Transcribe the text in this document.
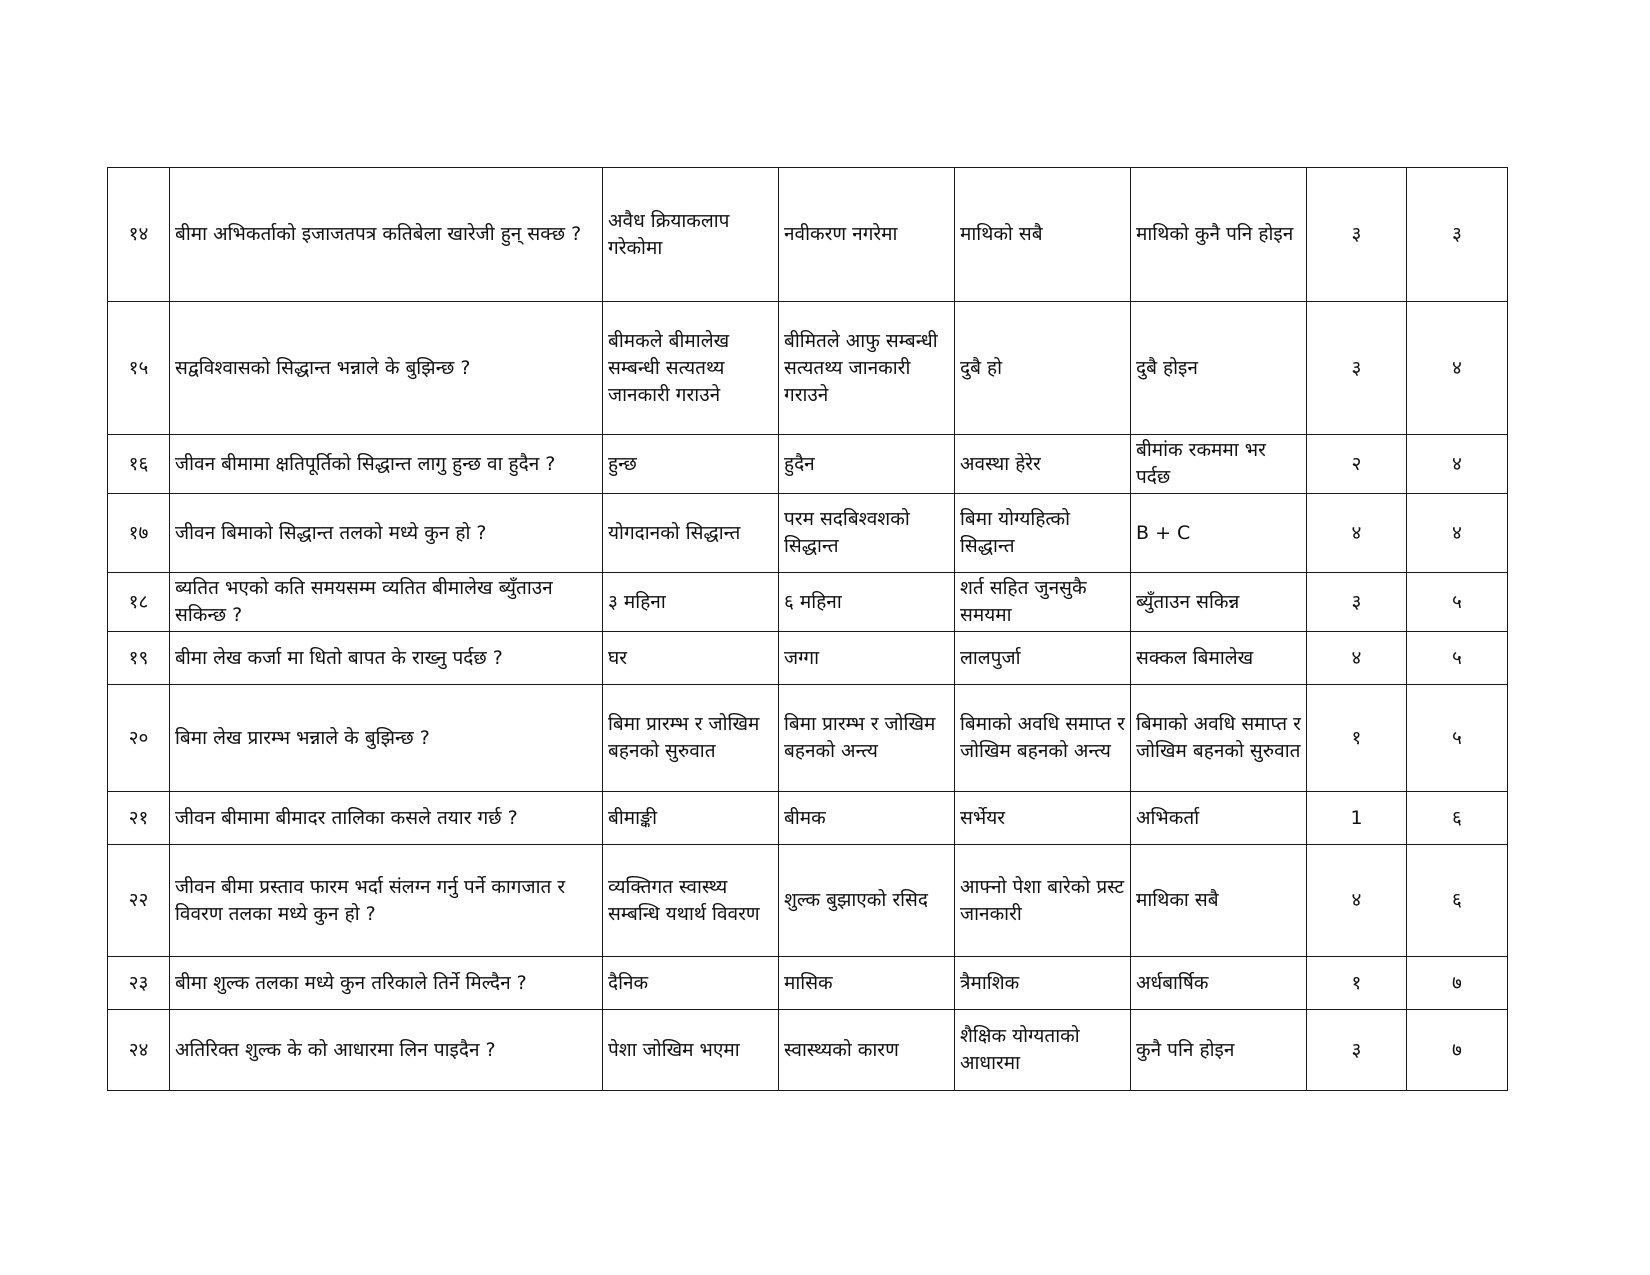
१४	बीमा अभिकर्ताको इजाजतपत्र कतिबेला खारेजी हुन् सक्छ ?	अवैध क्रियाकलाप गरेकोमा	नवीकरण नगरेमा	माथिको सबै	माथिको कुनै पनि होइन	३	३
१५	सद्वविश्वासको सिद्धान्त भन्नाले के बुझिन्छ ?	बीमकले बीमालेख सम्बन्धी सत्यतथ्य जानकारी गराउने	बीमितले आफु सम्बन्धी सत्यतथ्य जानकारी गराउने	दुबै हो	दुबै होइन	३	४
१६	जीवन बीमामा क्षतिपूर्तिको सिद्धान्त लागु हुन्छ वा हुदैन ?	हुन्छ	हुदैन	अवस्था हेरेर	बीमांक रकममा भर पर्दछ	२	४
१७	जीवन बिमाको सिद्धान्त तलको मध्ये कुन हो ?	योगदानको सिद्धान्त	परम सदबिश्वशको सिद्धान्त	बिमा योग्यहित्को सिद्धान्त	B + C	४	४
१८	ब्यतित भएको कति समयसम्म व्यतित बीमालेख ब्युँताउन सकिन्छ ?	३ महिना	६ महिना	शर्त सहित जुनसुकै समयमा	ब्युँताउन सकिन्न	३	५
१९	बीमा लेख कर्जा मा धितो बापत के राख्नु पर्दछ ?	घर	जग्गा	लालपुर्जा	सक्कल बिमालेख	४	५
२०	बिमा लेख प्रारम्भ भन्नाले के बुझिन्छ ?	बिमा प्रारम्भ र जोखिम बहनको सुरुवात	बिमा प्रारम्भ र जोखिम बहनको अन्त्य	बिमाको अवधि समाप्त र जोखिम बहनको अन्त्य	बिमाको अवधि समाप्त र जोखिम बहनको सुरुवात	१	५
२१	जीवन बीमामा बीमादर तालिका कसले तयार गर्छ ?	बीमाङ्की	बीमक	सर्भेयर	अभिकर्ता	1	६
२२	जीवन बीमा प्रस्ताव फारम भर्दा संलग्न गर्नु पर्ने कागजात र विवरण तलका मध्ये कुन हो ?	व्यक्तिगत स्वास्थ्य सम्बन्धि यथार्थ विवरण	शुल्क बुझाएको रसिद	आफ्नो पेशा बारेको प्रस्ट जानकारी	माथिका सबै	४	६
२३	बीमा शुल्क तलका मध्ये कुन तरिकाले तिर्ने मिल्दैन ?	दैनिक	मासिक	त्रैमाशिक	अर्धबार्षिक	१	७
२४	अतिरिक्त शुल्क के को आधारमा लिन पाइदैन ?	पेशा जोखिम भएमा	स्वास्थ्यको कारण	शैक्षिक योग्यताको आधारमा	कुनै पनि होइन	३	७
